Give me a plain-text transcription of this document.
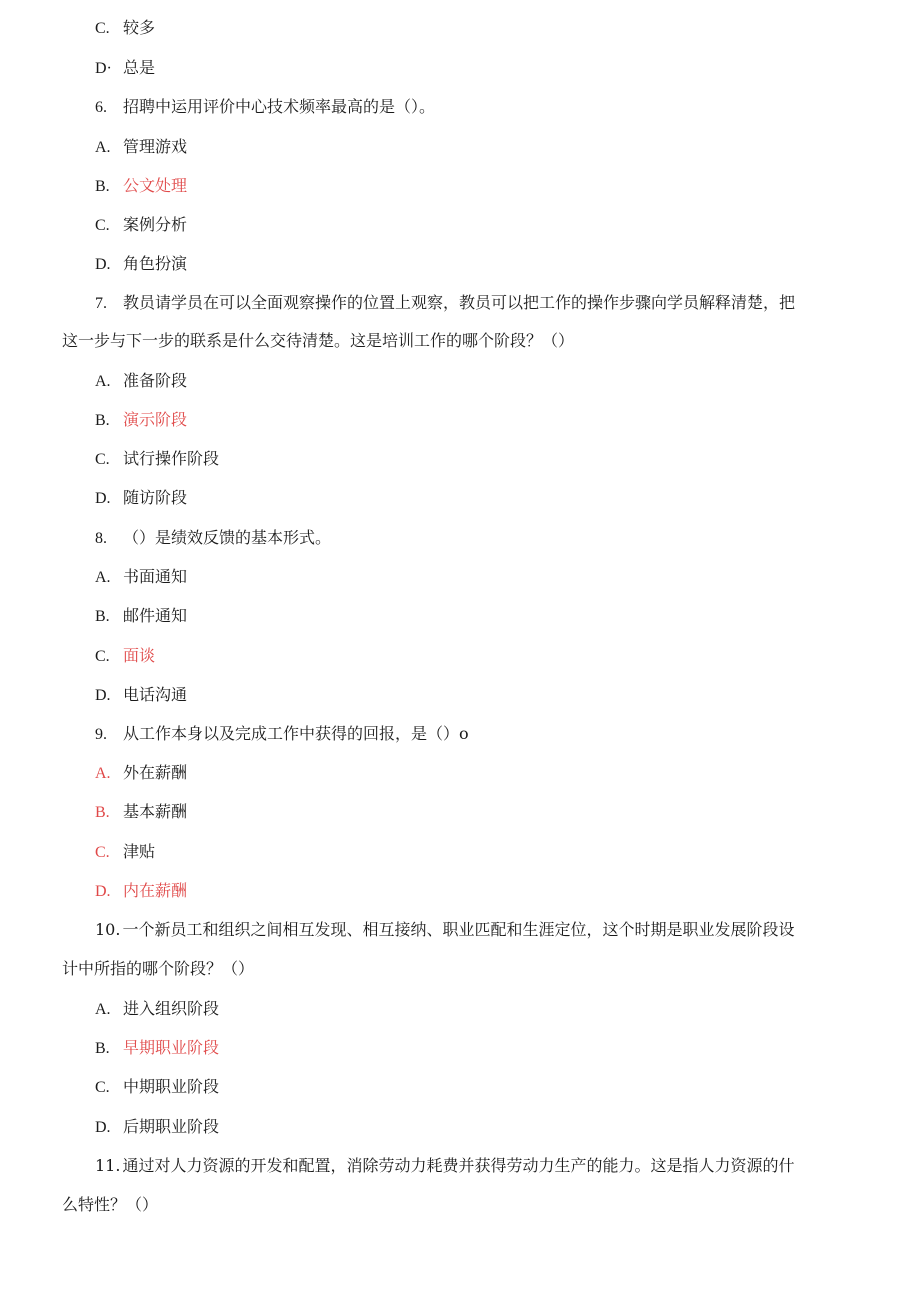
C. 较多
D· 总是
6. 招聘中运用评价中心技术频率最高的是（）。
A. 管理游戏
B. 公文处理
C. 案例分析
D. 角色扮演
7. 教员请学员在可以全面观察操作的位置上观察，教员可以把工作的操作步骤向学员解释清楚，把
这一步与下一步的联系是什么交待清楚。这是培训工作的哪个阶段？（）
A. 准备阶段
B. 演示阶段
C. 试行操作阶段
D. 随访阶段
8. （）是绩效反馈的基本形式。
A. 书面通知
B. 邮件通知
C. 面谈
D. 电话沟通
9. 从工作本身以及完成工作中获得的回报，是（）o
A. 外在薪酬
B. 基本薪酬
C. 津贴
D. 内在薪酬
10. 一个新员工和组织之间相互发现、相互接纳、职业匹配和生涯定位，这个时期是职业发展阶段设
计中所指的哪个阶段？（）
A. 进入组织阶段
B. 早期职业阶段
C. 中期职业阶段
D. 后期职业阶段
11. 通过对人力资源的开发和配置，消除劳动力耗费并获得劳动力生产的能力。这是指人力资源的什
么特性？（）
